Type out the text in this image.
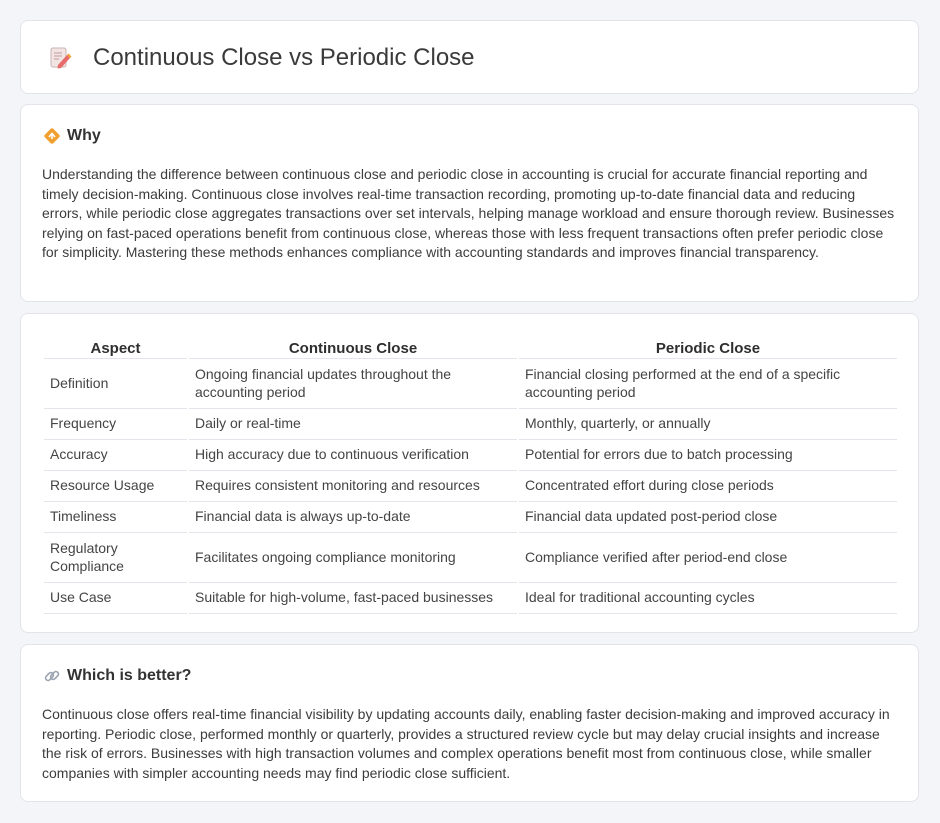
Continuous Close vs Periodic Close
Why

Understanding the difference between continuous close and periodic close in accounting is crucial for accurate financial reporting and timely decision-making. Continuous close involves real-time transaction recording, promoting up-to-date financial data and reducing errors, while periodic close aggregates transactions over set intervals, helping manage workload and ensure thorough review. Businesses relying on fast-paced operations benefit from continuous close, whereas those with less frequent transactions often prefer periodic close for simplicity. Mastering these methods enhances compliance with accounting standards and improves financial transparency.

Aspect	Continuous Close	Periodic Close
Definition	Ongoing financial updates throughout the accounting period	Financial closing performed at the end of a specific accounting period
Frequency	Daily or real-time	Monthly, quarterly, or annually
Accuracy	High accuracy due to continuous verification	Potential for errors due to batch processing
Resource Usage	Requires consistent monitoring and resources	Concentrated effort during close periods
Timeliness	Financial data is always up-to-date	Financial data updated post-period close
Regulatory Compliance	Facilitates ongoing compliance monitoring	Compliance verified after period-end close
Use Case	Suitable for high-volume, fast-paced businesses	Ideal for traditional accounting cycles
Which is better?

Continuous close offers real-time financial visibility by updating accounts daily, enabling faster decision-making and improved accuracy in reporting. Periodic close, performed monthly or quarterly, provides a structured review cycle but may delay crucial insights and increase the risk of errors. Businesses with high transaction volumes and complex operations benefit most from continuous close, while smaller companies with simpler accounting needs may find periodic close sufficient.
